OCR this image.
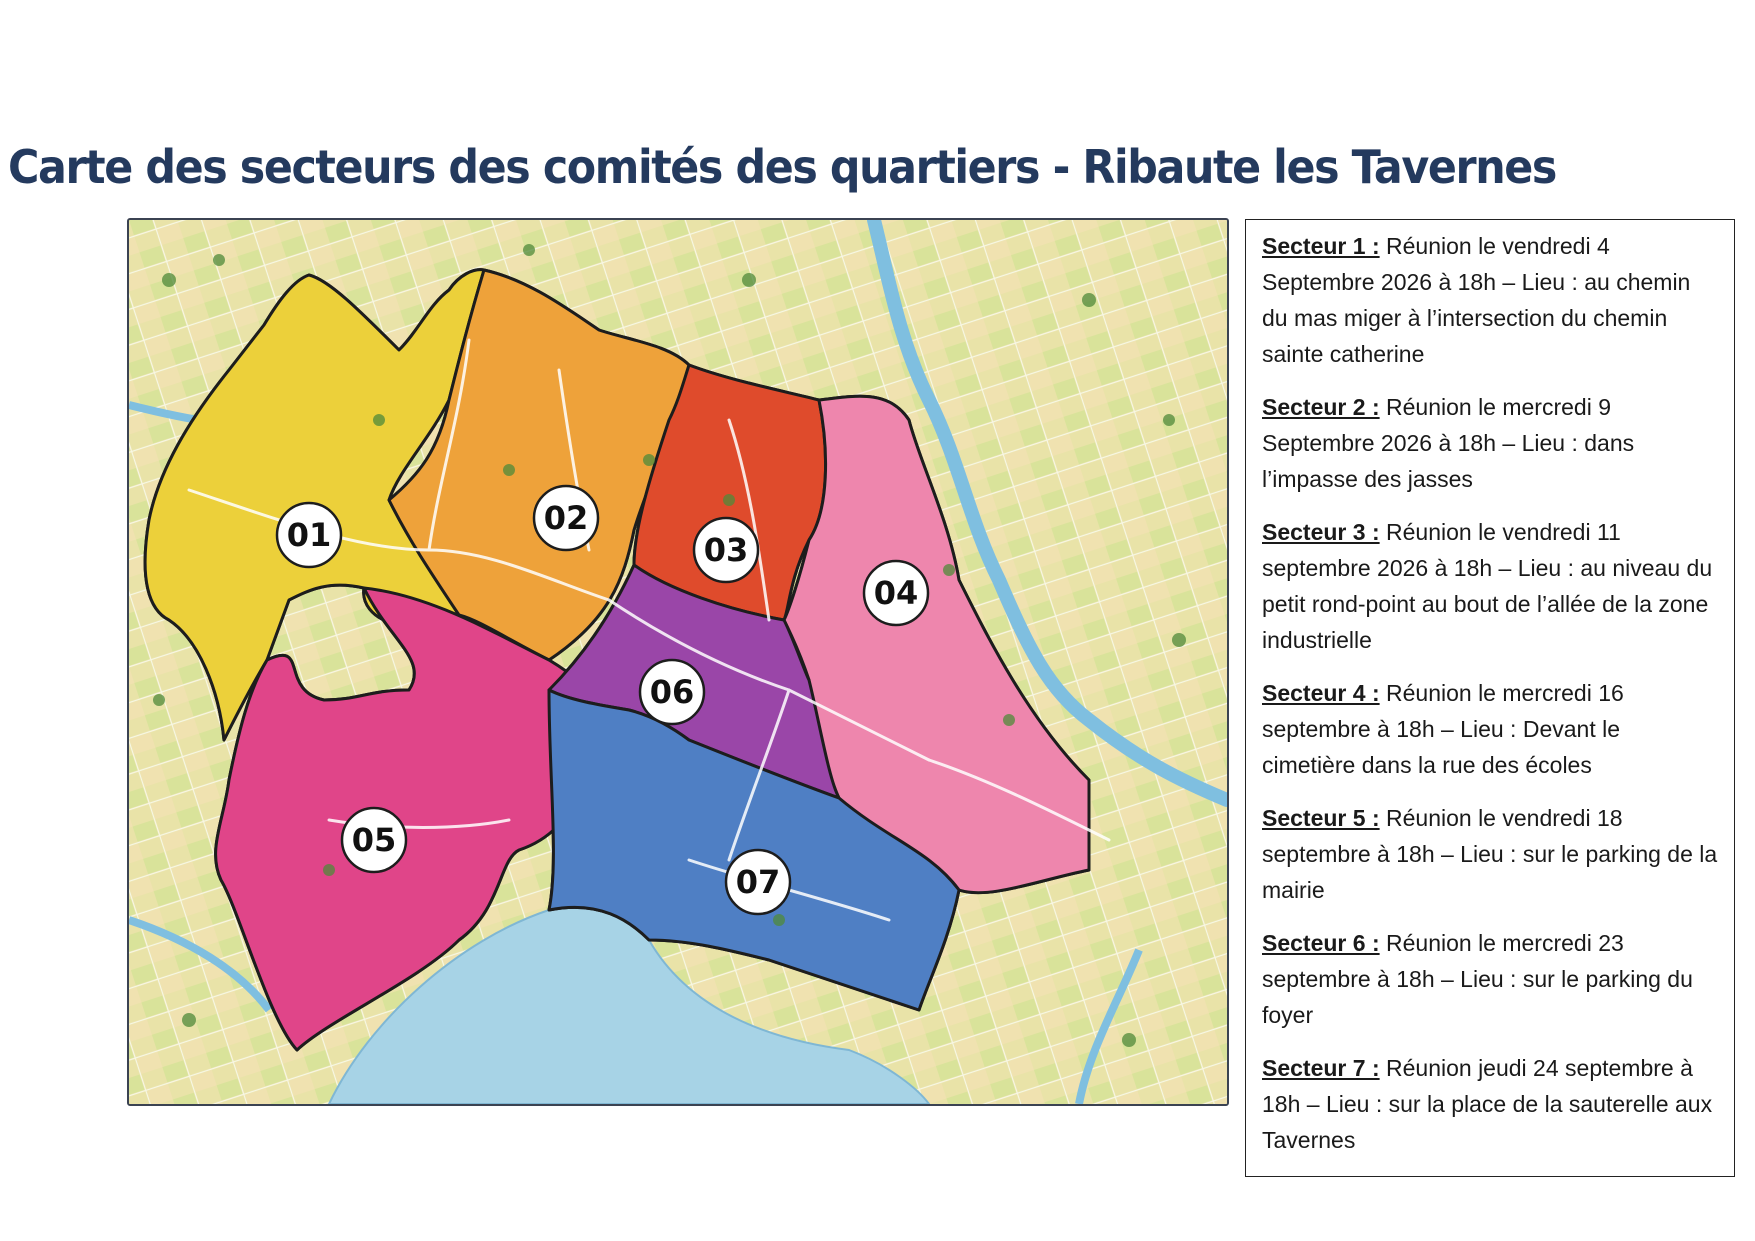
Carte des secteurs des comités des quartiers - Ribaute les Tavernes
01	02
03
04
05
06
07

Secteur 1 : Réunion le vendredi 4 Septembre 2026 à 18h – Lieu : au chemin du mas miger à l’intersection du chemin sainte catherine

Secteur 2 : Réunion le mercredi 9 Septembre 2026 à 18h – Lieu : dans l’impasse des jasses

Secteur 3 : Réunion le vendredi 11 septembre 2026 à 18h – Lieu : au niveau du petit rond-point au bout de l’allée de la zone industrielle

Secteur 4 : Réunion le mercredi 16 septembre à 18h – Lieu : Devant le cimetière dans la rue des écoles

Secteur 5 : Réunion le vendredi 18 septembre à 18h – Lieu : sur le parking de la mairie

Secteur 6 : Réunion le mercredi 23 septembre à 18h – Lieu : sur le parking du foyer

Secteur 7 : Réunion jeudi 24 septembre à 18h – Lieu : sur la place de la sauterelle aux Tavernes
